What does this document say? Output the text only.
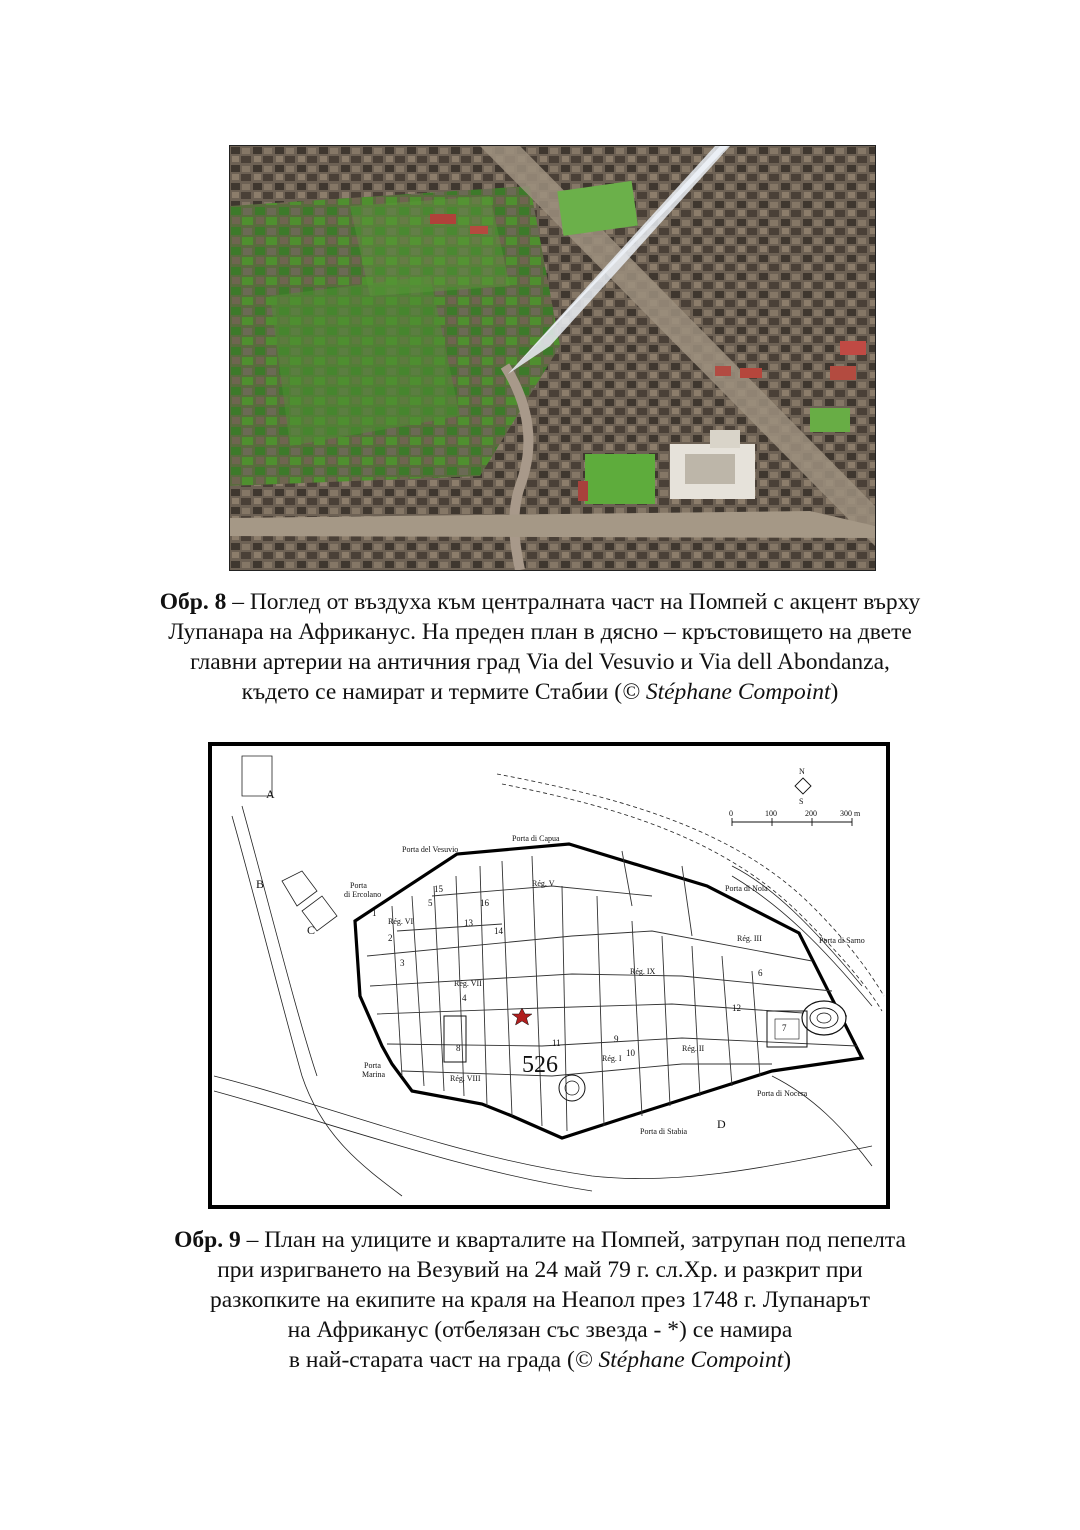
Обр. 8 – Поглед от въздуха към централната част на Помпей с акцент върху
Лупанара на Африканус. На преден план в дясно – кръстовището на двете
главни артерии на античния град Via del Vesuvio и Via dell Abondanza,
където се намират и термите Стабии (© Stéphane Compoint)
N
S
0	100	200	300 m
A
B
C
D
Porta del Vesuvio
Porta di Capua
Porta di Nola
Porta di Sarno
Porta di Nocera
Porta di Stabia
Porta
di Ercolano
Porta
Marina
Rég. V
Rég. VI
Rég. VII
Rég. VIII
Rég. IX
Rég. III
Rég. II
Rég. I
1
2
3
4
5
6
7
8
9
10
11
12
13
14
15
16
Обр. 9 – План на улиците и кварталите на Помпей, затрупан под пепелта
при изригването на Везувий на 24 май 79 г. сл.Хр. и разкрит при
разкопките на екипите на краля на Неапол през 1748 г. Лупанарът
на Африканус (отбелязан със звезда - *) се намира
в най-старата част на града (© Stéphane Compoint)
526
